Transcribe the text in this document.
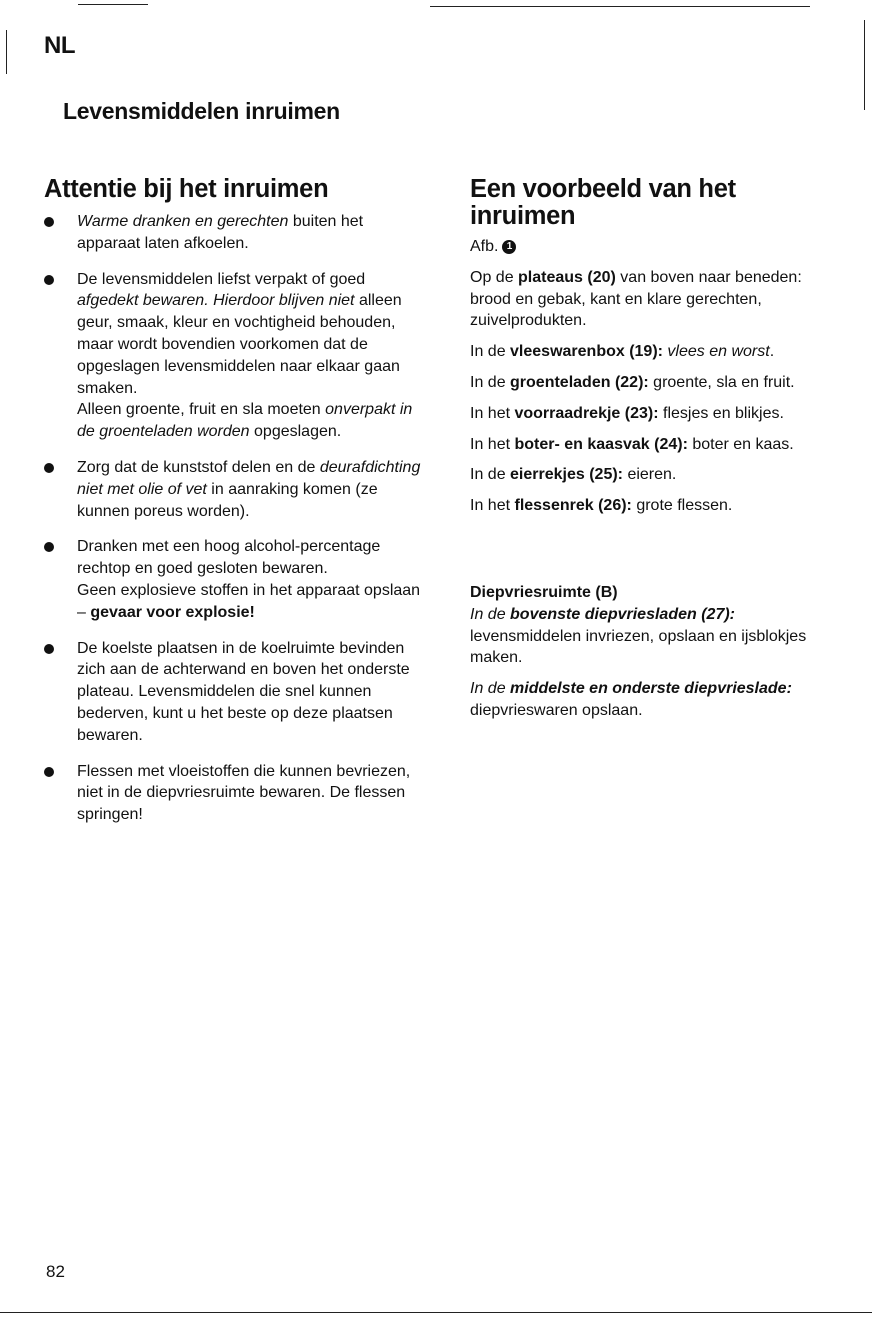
NL
Levensmiddelen inruimen
Attentie bij het inruimen

Warme dranken en gerechten buiten het apparaat laten afkoelen.

De levensmiddelen liefst verpakt of goed afgedekt bewaren. Hierdoor blijven niet alleen geur, smaak, kleur en vochtigheid behouden, maar wordt bovendien voorkomen dat de opgeslagen levensmiddelen naar elkaar gaan smaken.
Alleen groente, fruit en sla moeten onverpakt in de groenteladen worden opgeslagen.

Zorg dat de kunststof delen en de deurafdichting niet met olie of vet in aanraking komen (ze kunnen poreus worden).

Dranken met een hoog alcohol-percentage rechtop en goed gesloten bewaren.
Geen explosieve stoffen in het apparaat opslaan – gevaar voor explosie!

De koelste plaatsen in de koelruimte bevinden zich aan de achterwand en boven het onderste plateau. Levensmiddelen die snel kunnen bederven, kunt u het beste op deze plaatsen bewaren.

Flessen met vloeistoffen die kunnen bevriezen, niet in de diepvriesruimte bewaren. De flessen springen!

Een voorbeeld van het inruimen
Afb. 1

Op de plateaus (20) van boven naar beneden:
brood en gebak, kant en klare gerechten, zuivelprodukten.

In de vleeswarenbox (19): vlees en worst.

In de groenteladen (22): groente, sla en fruit.

In het voorraadrekje (23): flesjes en blikjes.

In het boter- en kaasvak (24): boter en kaas.

In de eierrekjes (25): eieren.

In het flessenrek (26): grote flessen.

Diepvriesruimte (B)

In de bovenste diepvriesladen (27):
levensmiddelen invriezen, opslaan en ijsblokjes maken.

In de middelste en onderste diepvrieslade:
diepvrieswaren opslaan.

82
